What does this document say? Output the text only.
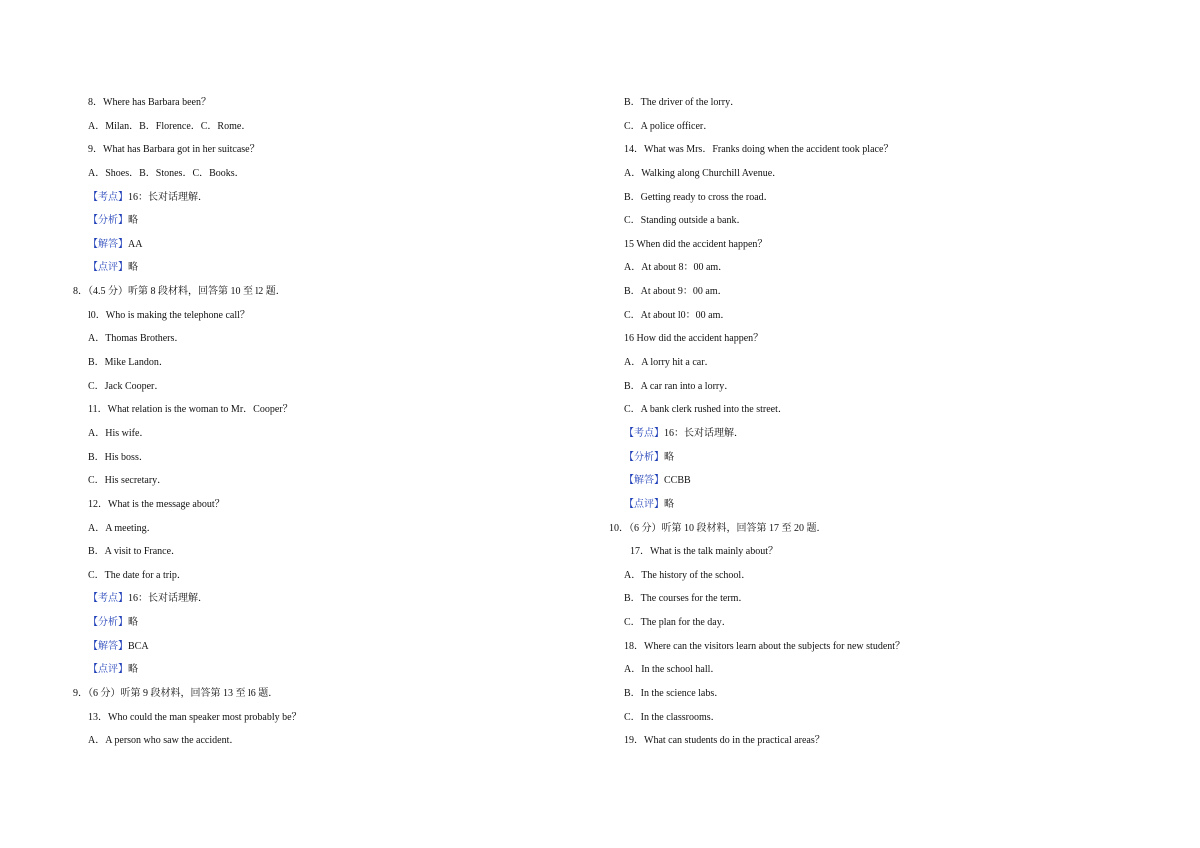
8．Where has Barbara been？
A．Milan．B．Florence．C．Rome．
9．What has Barbara got in her suitcase？
A．Shoes．B．Stones．C．Books．
【考点】16：长对话理解．
【分析】略
【解答】AA
【点评】略
8．（4.5 分）听第 8 段材料，回答第 10 至 l2 题．
l0．Who is making the telephone call？
A．Thomas Brothers．
B．Mike Landon．
C．Jack Cooper．
11．What relation is the woman to Mr．Cooper？
A．His wife．
B．His boss．
C．His secretary．
12．What is the message about？
A．A meeting．
B．A visit to France．
C．The date for a trip．
【考点】16：长对话理解．
【分析】略
【解答】BCA
【点评】略
9．（6 分）听第 9 段材料，回答第 13 至 l6 题．
13．Who could the man speaker most probably be？
A．A person who saw the accident．
B．The driver of the lorry．
C．A police officer．
14．What was Mrs．Franks doing when the accident took place？
A．Walking along Churchill Avenue．
B．Getting ready to cross the road．
C．Standing outside a bank．
15 When did the accident happen？
A．At about 8：00 am．
B．At about 9：00 am．
C．At about l0：00 am．
16 How did the accident happen？
A．A lorry hit a car．
B．A car ran into a lorry．
C．A bank clerk rushed into the street．
【考点】16：长对话理解．
【分析】略
【解答】CCBB
【点评】略
10．（6 分）听第 10 段材料，回答第 17 至 20 题．
17．What is the talk mainly about？
A．The history of the school．
B．The courses for the term．
C．The plan for the day．
18．Where can the visitors learn about the subjects for new student？
A．In the school hall．
B．In the science labs．
C．In the classrooms．
19．What can students do in the practical areas？
